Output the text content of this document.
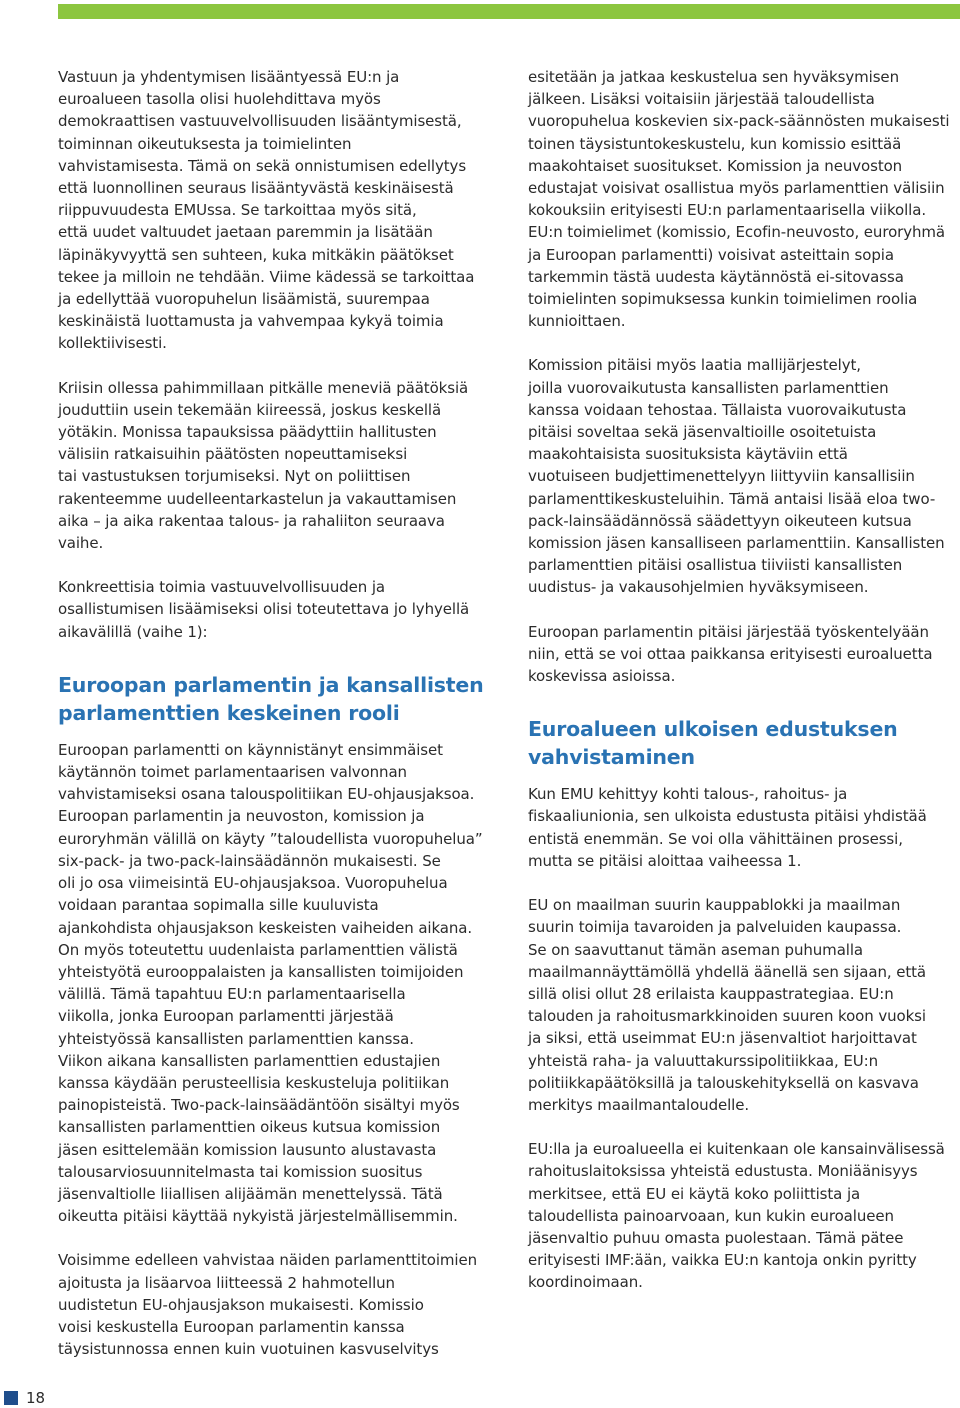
Vastuun ja yhdentymisen lisääntyessä EU:n ja
euroalueen tasolla olisi huolehdittava myös
demokraattisen vastuuvelvollisuuden lisääntymisestä,
toiminnan oikeutuksesta ja toimielinten
vahvistamisesta. Tämä on sekä onnistumisen edellytys
että luonnollinen seuraus lisääntyvästä keskinäisestä
riippuvuudesta EMUssa. Se tarkoittaa myös sitä,
että uudet valtuudet jaetaan paremmin ja lisätään
läpinäkyvyyttä sen suhteen, kuka mitkäkin päätökset
tekee ja milloin ne tehdään. Viime kädessä se tarkoittaa
ja edellyttää vuoropuhelun lisäämistä, suurempaa
keskinäistä luottamusta ja vahvempaa kykyä toimia
kollektiivisesti.

Kriisin ollessa pahimmillaan pitkälle meneviä päätöksiä
jouduttiin usein tekemään kiireessä, joskus keskellä
yötäkin. Monissa tapauksissa päädyttiin hallitusten
välisiin ratkaisuihin päätösten nopeuttamiseksi
tai vastustuksen torjumiseksi. Nyt on poliittisen
rakenteemme uudelleentarkastelun ja vakauttamisen
aika – ja aika rakentaa talous- ja rahaliiton seuraava
vaihe.

Konkreettisia toimia vastuuvelvollisuuden ja
osallistumisen lisäämiseksi olisi toteutettava jo lyhyellä
aikavälillä (vaihe 1):

Euroopan parlamentin ja kansallisten
parlamenttien keskeinen rooli

Euroopan parlamentti on käynnistänyt ensimmäiset
käytännön toimet parlamentaarisen valvonnan
vahvistamiseksi osana talouspolitiikan EU-ohjausjaksoa.
Euroopan parlamentin ja neuvoston, komission ja
euroryhmän välillä on käyty ”taloudellista vuoropuhelua”
six-pack- ja two-pack-lainsäädännön mukaisesti. Se
oli jo osa viimeisintä EU-ohjausjaksoa. Vuoropuhelua
voidaan parantaa sopimalla sille kuuluvista
ajankohdista ohjausjakson keskeisten vaiheiden aikana.
On myös toteutettu uudenlaista parlamenttien välistä
yhteistyötä eurooppalaisten ja kansallisten toimijoiden
välillä. Tämä tapahtuu EU:n parlamentaarisella
viikolla, jonka Euroopan parlamentti järjestää
yhteistyössä kansallisten parlamenttien kanssa.
Viikon aikana kansallisten parlamenttien edustajien
kanssa käydään perusteellisia keskusteluja politiikan
painopisteistä. Two-pack-lainsäädäntöön sisältyi myös
kansallisten parlamenttien oikeus kutsua komission
jäsen esittelemään komission lausunto alustavasta
talousarviosuunnitelmasta tai komission suositus
jäsenvaltiolle liiallisen alijäämän menettelyssä. Tätä
oikeutta pitäisi käyttää nykyistä järjestelmällisemmin.

Voisimme edelleen vahvistaa näiden parlamenttitoimien
ajoitusta ja lisäarvoa liitteessä 2 hahmotellun
uudistetun EU-ohjausjakson mukaisesti. Komissio
voisi keskustella Euroopan parlamentin kanssa
täysistunnossa ennen kuin vuotuinen kasvuselvitys

esitetään ja jatkaa keskustelua sen hyväksymisen
jälkeen. Lisäksi voitaisiin järjestää taloudellista
vuoropuhelua koskevien six-pack-säännösten mukaisesti
toinen täysistuntokeskustelu, kun komissio esittää
maakohtaiset suositukset. Komission ja neuvoston
edustajat voisivat osallistua myös parlamenttien välisiin
kokouksiin erityisesti EU:n parlamentaarisella viikolla.
EU:n toimielimet (komissio, Ecofin-neuvosto, euroryhmä
ja Euroopan parlamentti) voisivat asteittain sopia
tarkemmin tästä uudesta käytännöstä ei-sitovassa
toimielinten sopimuksessa kunkin toimielimen roolia
kunnioittaen.

Komission pitäisi myös laatia mallijärjestelyt,
joilla vuorovaikutusta kansallisten parlamenttien
kanssa voidaan tehostaa. Tällaista vuorovaikutusta
pitäisi soveltaa sekä jäsenvaltioille osoitetuista
maakohtaisista suosituksista käytäviin että
vuotuiseen budjettimenettelyyn liittyviin kansallisiin
parlamenttikeskusteluihin. Tämä antaisi lisää eloa two-
pack-lainsäädännössä säädettyyn oikeuteen kutsua
komission jäsen kansalliseen parlamenttiin. Kansallisten
parlamenttien pitäisi osallistua tiiviisti kansallisten
uudistus- ja vakausohjelmien hyväksymiseen.

Euroopan parlamentin pitäisi järjestää työskentelyään
niin, että se voi ottaa paikkansa erityisesti euroaluetta
koskevissa asioissa.

Euroalueen ulkoisen edustuksen
vahvistaminen

Kun EMU kehittyy kohti talous-, rahoitus- ja
fiskaaliunionia, sen ulkoista edustusta pitäisi yhdistää
entistä enemmän. Se voi olla vähittäinen prosessi,
mutta se pitäisi aloittaa vaiheessa 1.

EU on maailman suurin kauppablokki ja maailman
suurin toimija tavaroiden ja palveluiden kaupassa.
Se on saavuttanut tämän aseman puhumalla
maailmannäyttämöllä yhdellä äänellä sen sijaan, että
sillä olisi ollut 28 erilaista kauppastrategiaa. EU:n
talouden ja rahoitusmarkkinoiden suuren koon vuoksi
ja siksi, että useimmat EU:n jäsenvaltiot harjoittavat
yhteistä raha- ja valuuttakurssipolitiikkaa, EU:n
politiikkapäätöksillä ja talouskehityksellä on kasvava
merkitys maailmantaloudelle.

EU:lla ja euroalueella ei kuitenkaan ole kansainvälisessä
rahoituslaitoksissa yhteistä edustusta. Moniäänisyys
merkitsee, että EU ei käytä koko poliittista ja
taloudellista painoarvoaan, kun kukin euroalueen
jäsenvaltio puhuu omasta puolestaan. Tämä pätee
erityisesti IMF:ään, vaikka EU:n kantoja onkin pyritty
koordinoimaan.

18
